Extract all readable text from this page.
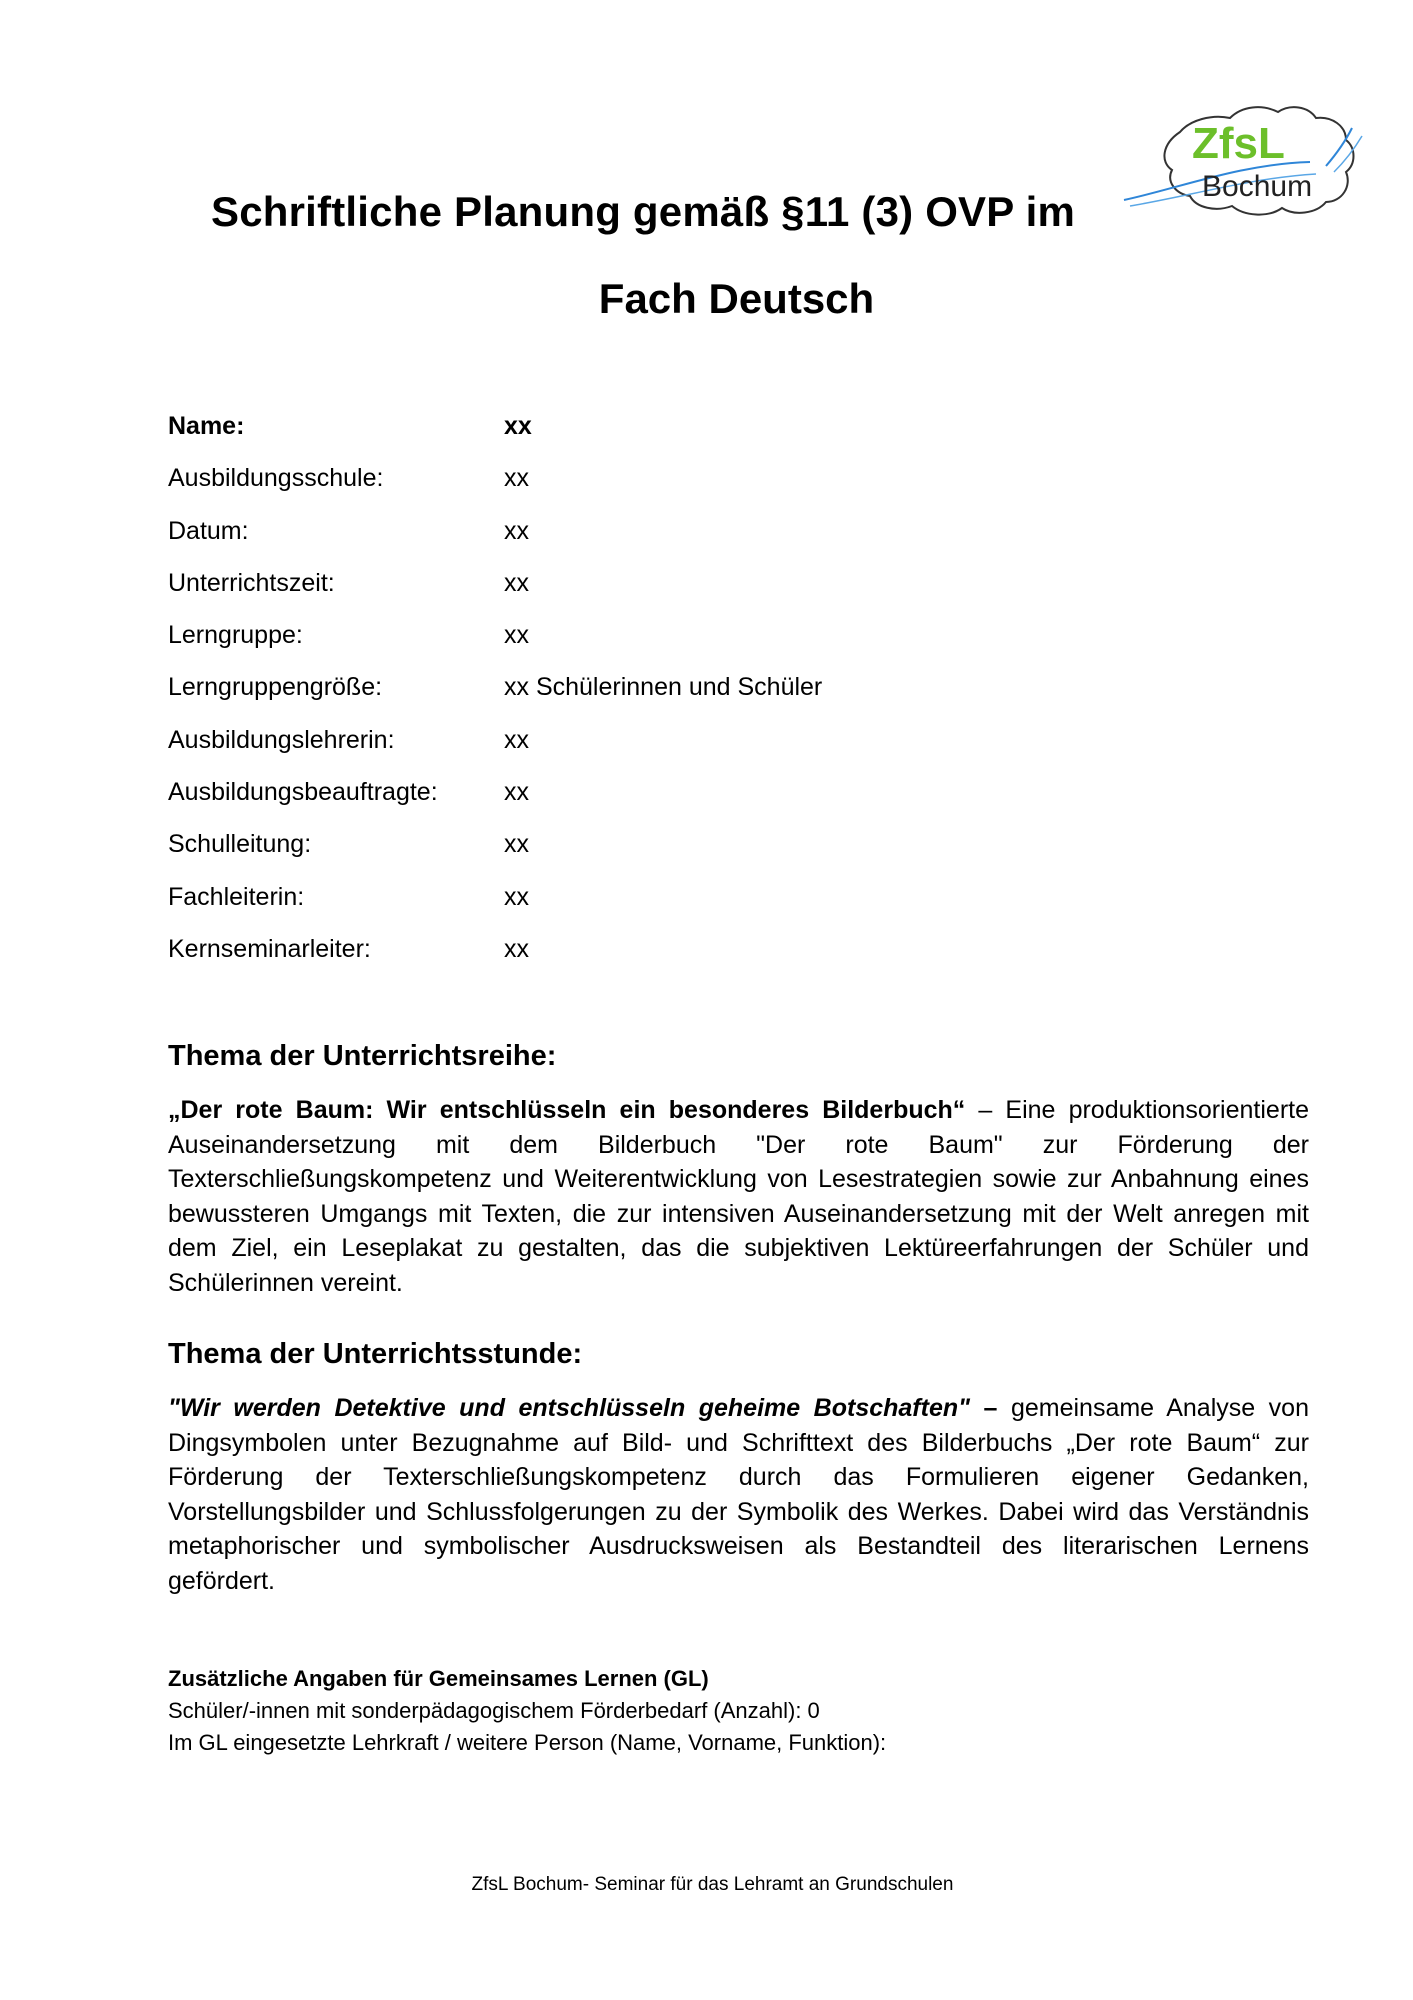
ZfsL
Bochum
Schriftliche Planung gemäß §11 (3) OVP im
Fach Deutsch
Name:	xx
Ausbildungsschule:	xx
Datum:	xx
Unterrichtszeit:	xx
Lerngruppe:	xx
Lerngruppengröße:	xx Schülerinnen und Schüler
Ausbildungslehrerin:	xx
Ausbildungsbeauftragte:	xx
Schulleitung:	xx
Fachleiterin:	xx
Kernseminarleiter:	xx
Thema der Unterrichtsreihe:
„Der rote Baum: Wir entschlüsseln ein besonderes Bilderbuch“ – Eine produktionsorientierte Auseinandersetzung mit dem Bilderbuch "Der rote Baum" zur Förderung der Texterschließungskompetenz und Weiterentwicklung von Lesestrategien sowie zur Anbahnung eines bewussteren Umgangs mit Texten, die zur intensiven Auseinandersetzung mit der Welt anregen mit dem Ziel, ein Leseplakat zu gestalten, das die subjektiven Lektüreerfahrungen der Schüler und Schülerinnen vereint.
Thema der Unterrichtsstunde:
"Wir werden Detektive und entschlüsseln geheime Botschaften" – gemeinsame Analyse von Dingsymbolen unter Bezugnahme auf Bild- und Schrifttext des Bilderbuchs „Der rote Baum“ zur Förderung der Texterschließungskompetenz durch das Formulieren eigener Gedanken, Vorstellungsbilder und Schlussfolgerungen zu der Symbolik des Werkes. Dabei wird das Verständnis metaphorischer und symbolischer Ausdrucksweisen als Bestandteil des literarischen Lernens gefördert.
Zusätzliche Angaben für Gemeinsames Lernen (GL)
Schüler/-innen mit sonderpädagogischem Förderbedarf (Anzahl): 0
Im GL eingesetzte Lehrkraft / weitere Person (Name, Vorname, Funktion):
ZfsL Bochum- Seminar für das Lehramt an Grundschulen
